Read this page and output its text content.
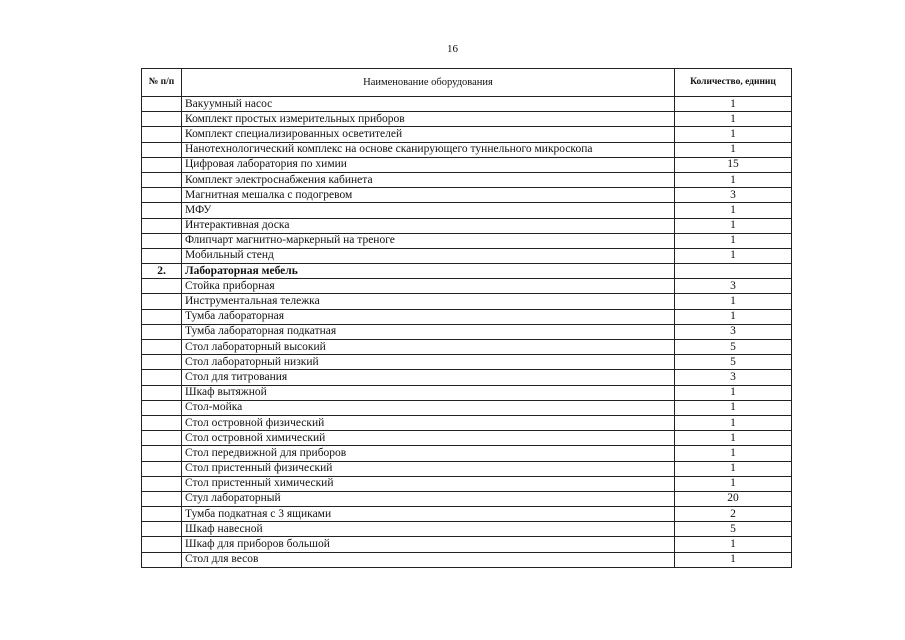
16
№ п/п	Наименование оборудования	Количество, единиц
	Вакуумный насос	1
	Комплект простых измерительных приборов	1
	Комплект специализированных осветителей	1
	Нанотехнологический комплекс на основе сканирующего туннельного микроскопа	1
	Цифровая лаборатория по химии	15
	Комплект электроснабжения кабинета	1
	Магнитная мешалка с подогревом	3
	МФУ	1
	Интерактивная доска	1
	Флипчарт магнитно-маркерный на треноге	1
	Мобильный стенд	1
2.	Лабораторная мебель	
	Стойка приборная	3
	Инструментальная тележка	1
	Тумба лабораторная	1
	Тумба лабораторная подкатная	3
	Стол лабораторный высокий	5
	Стол лабораторный низкий	5
	Стол для титрования	3
	Шкаф вытяжной	1
	Стол-мойка	1
	Стол островной физический	1
	Стол островной химический	1
	Стол передвижной для приборов	1
	Стол пристенный физический	1
	Стол пристенный химический	1
	Стул лабораторный	20
	Тумба подкатная с 3 ящиками	2
	Шкаф навесной	5
	Шкаф для приборов большой	1
	Стол для весов	1
